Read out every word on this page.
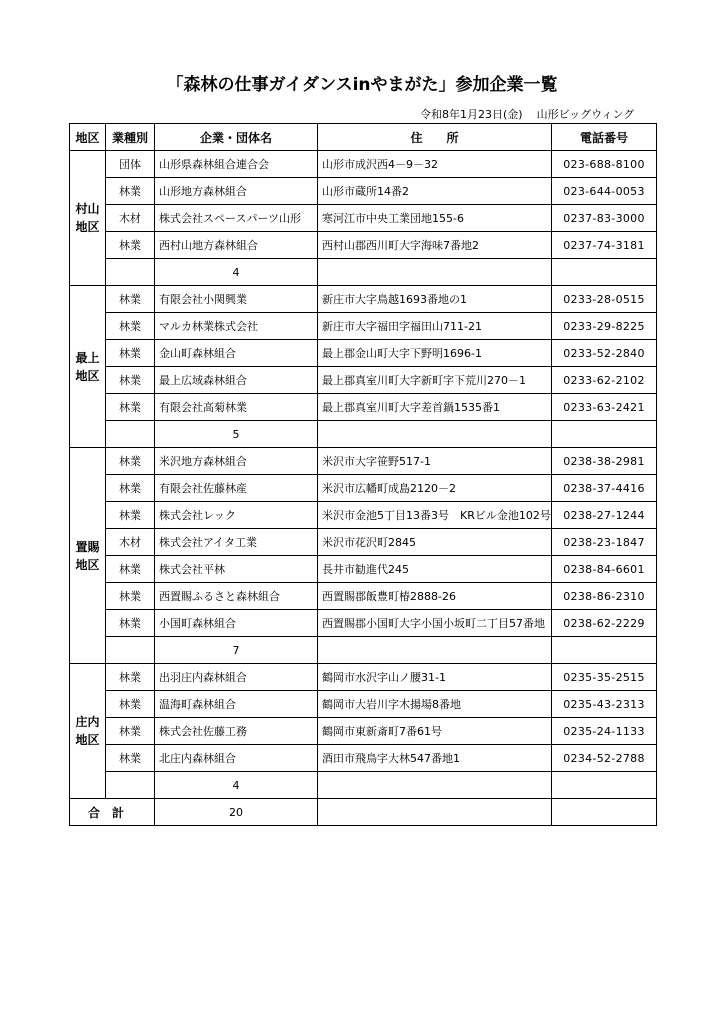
「森林の仕事ガイダンスinやまがた」参加企業一覧
令和8年1月23日(金) 山形ビッグウィング
地区	業種別	企業・団体名	住　　所	電話番号
村山
地区	団体	山形県森林組合連合会	山形市成沢西4－9－32	023-688-8100
	林業	山形地方森林組合	山形市蔵所14番2	023-644-0053
	木材	株式会社スペースパーツ山形	寒河江市中央工業団地155-6	0237-83-3000
	林業	西村山地方森林組合	西村山郡西川町大字海味7番地2	0237-74-3181
		4		
最上
地区	林業	有限会社小関興業	新庄市大字鳥越1693番地の1	0233-28-0515
	林業	マルカ林業株式会社	新庄市大字福田字福田山711-21	0233-29-8225
	林業	金山町森林組合	最上郡金山町大字下野明1696-1	0233-52-2840
	林業	最上広域森林組合	最上郡真室川町大字新町字下荒川270－1	0233-62-2102
	林業	有限会社高菊林業	最上郡真室川町大字差首鍋1535番1	0233-63-2421
		5		
置賜
地区	林業	米沢地方森林組合	米沢市大字笹野517-1	0238-38-2981
	林業	有限会社佐藤林産	米沢市広幡町成島2120－2	0238-37-4416
	林業	株式会社レック	米沢市金池5丁目13番3号　KRビル金池102号	0238-27-1244
	木材	株式会社アイタ工業	米沢市花沢町2845	0238-23-1847
	林業	株式会社平林	長井市勧進代245	0238-84-6601
	林業	西置賜ふるさと森林組合	西置賜郡飯豊町椿2888-26	0238-86-2310
	林業	小国町森林組合	西置賜郡小国町大字小国小坂町二丁目57番地	0238-62-2229
		7		
庄内
地区	林業	出羽庄内森林組合	鶴岡市水沢字山ノ腰31-1	0235-35-2515
	林業	温海町森林組合	鶴岡市大岩川字木揚場8番地	0235-43-2313
	林業	株式会社佐藤工務	鶴岡市東新斎町7番61号	0235-24-1133
	林業	北庄内森林組合	酒田市飛鳥字大林547番地1	0234-52-2788
		4		
合計		20		
